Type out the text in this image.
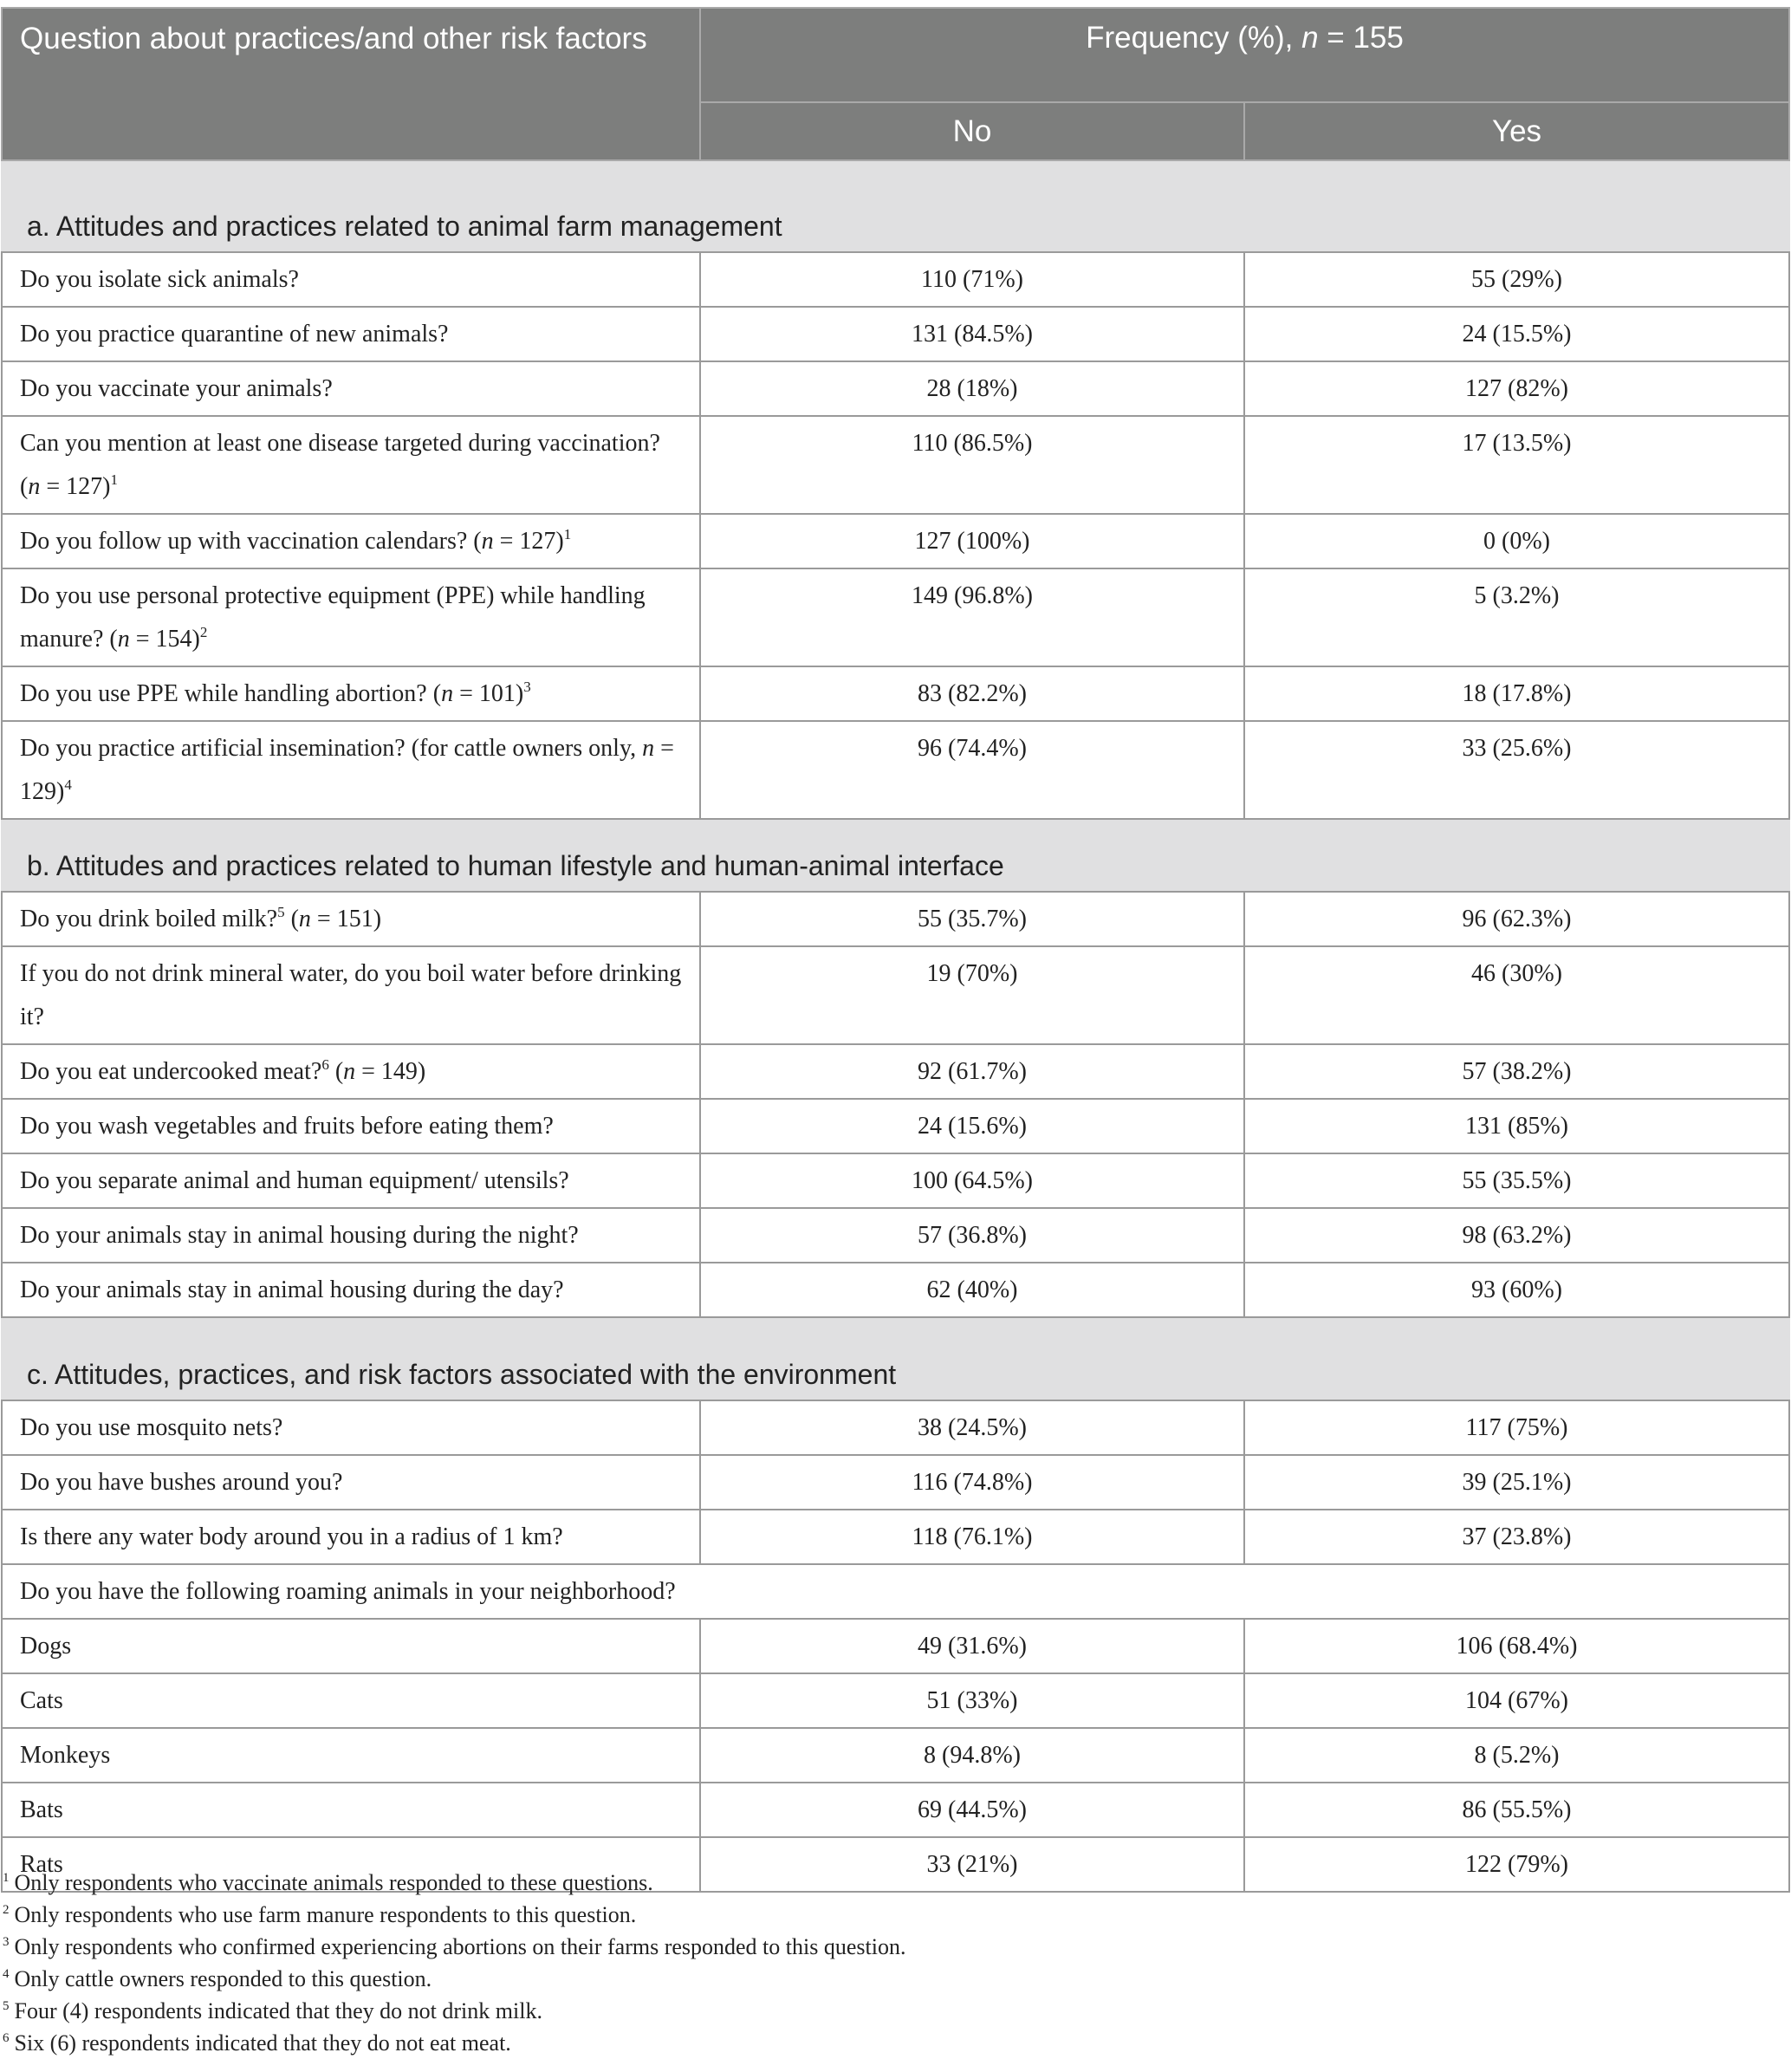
Question about practices/and other risk factors	Frequency (%), n = 155	
	No	Yes
a. Attitudes and practices related to animal farm management		
Do you isolate sick animals?	110 (71%)	55 (29%)
Do you practice quarantine of new animals?	131 (84.5%)	24 (15.5%)
Do you vaccinate your animals?	28 (18%)	127 (82%)
Can you mention at least one disease targeted during vaccination? (n = 127)$^1$	110 (86.5%)	17 (13.5%)
Do you follow up with vaccination calendars? (n = 127)$^1$	127 (100%)	0 (0%)
Do you use personal protective equipment (PPE) while handling manure? (n = 154)$^2$	149 (96.8%)	5 (3.2%)
Do you use PPE while handling abortion? (n = 101)$^3$	83 (82.2%)	18 (17.8%)
Do you practice artificial insemination? (for cattle owners only, n = 129)$^4$	96 (74.4%)	33 (25.6%)
b. Attitudes and practices related to human lifestyle and human-animal interface		
Do you drink boiled milk?$^5$ (n = 151)	55 (35.7%)	96 (62.3%)
If you do not drink mineral water, do you boil water before drinking it?	19 (70%)	46 (30%)
Do you eat undercooked meat?$^6$ (n = 149)	92 (61.7%)	57 (38.2%)
Do you wash vegetables and fruits before eating them?	24 (15.6%)	131 (85%)
Do you separate animal and human equipment/ utensils?	100 (64.5%)	55 (35.5%)
Do your animals stay in animal housing during the night?	57 (36.8%)	98 (63.2%)
Do your animals stay in animal housing during the day?	62 (40%)	93 (60%)
c. Attitudes, practices, and risk factors associated with the environment		
Do you use mosquito nets?	38 (24.5%)	117 (75%)
Do you have bushes around you?	116 (74.8%)	39 (25.1%)
Is there any water body around you in a radius of 1 km?	118 (76.1%)	37 (23.8%)
Do you have the following roaming animals in your neighborhood?		
Dogs	49 (31.6%)	106 (68.4%)
Cats	51 (33%)	104 (67%)
Monkeys	8 (94.8%)	8 (5.2%)
Bats	69 (44.5%)	86 (55.5%)
Rats	33 (21%)	122 (79%)
$^1$ Only respondents who vaccinate animals responded to these questions.
$^2$ Only respondents who use farm manure respondents to this question.
$^3$ Only respondents who confirmed experiencing abortions on their farms responded to this question.
$^4$ Only cattle owners responded to this question.
$^5$ Four (4) respondents indicated that they do not drink milk.
$^6$ Six (6) respondents indicated that they do not eat meat.
